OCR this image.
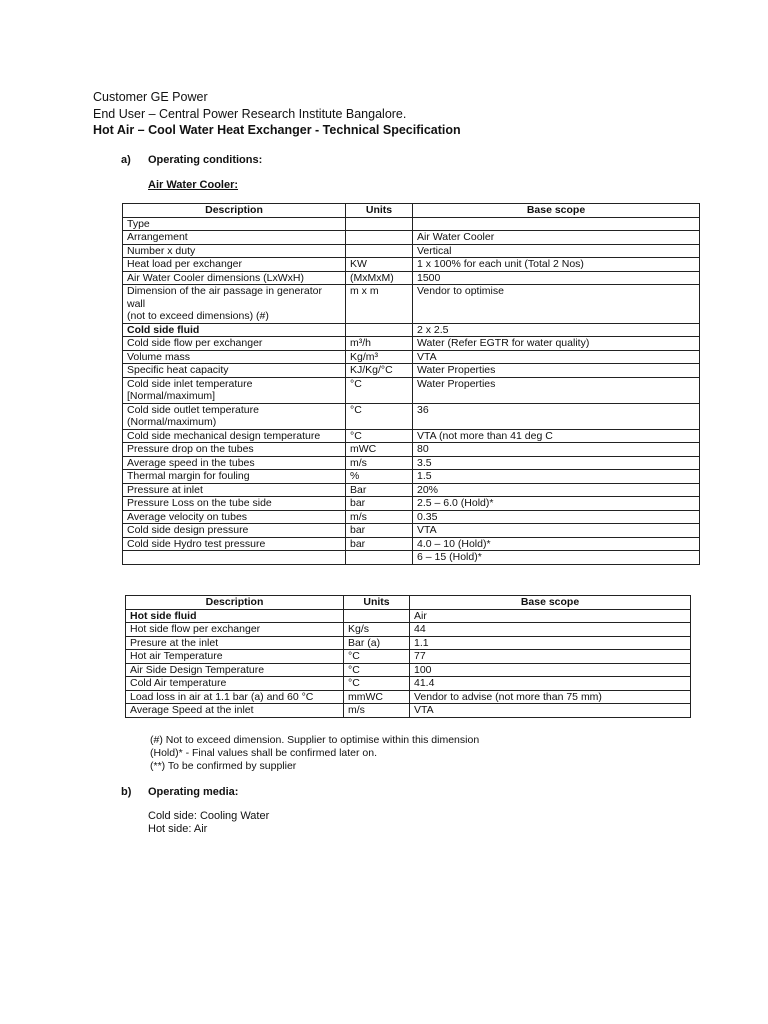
Customer GE Power
End User – Central Power Research Institute Bangalore.
Hot Air – Cool Water Heat Exchanger - Technical Specification
a) Operating conditions:
Air Water Cooler:
Description	Units	Base scope
Type		
Arrangement		Air Water Cooler
Number x duty		Vertical
Heat load per exchanger	KW	1 x 100% for each unit (Total 2 Nos)
Air Water Cooler dimensions (LxWxH)	(MxMxM)	1500
Dimension of the air passage in generator wall
(not to exceed dimensions) (#)	m x m	Vendor to optimise
Cold side fluid		2 x 2.5
Cold side flow per exchanger	m³/h	Water (Refer EGTR for water quality)
Volume mass	Kg/m³	VTA
Specific heat capacity	KJ/Kg/°C	Water Properties
Cold side inlet temperature
[Normal/maximum]	°C	Water Properties
Cold side outlet temperature
(Normal/maximum)	°C	36
Cold side mechanical design temperature	°C	VTA (not more than 41 deg C
Pressure drop on the tubes	mWC	80
Average speed in the tubes	m/s	3.5
Thermal margin for fouling	%	1.5
Pressure at inlet	Bar	20%
Pressure Loss on the tube side	bar	2.5 – 6.0 (Hold)*
Average velocity on tubes	m/s	0.35
Cold side design pressure	bar	VTA
Cold side Hydro test pressure	bar	4.0 – 10 (Hold)*
		6 – 15 (Hold)*
Description	Units	Base scope
Hot side fluid		Air
Hot side flow per exchanger	Kg/s	44
Presure at the inlet	Bar (a)	1.1
Hot air Temperature	°C	77
Air Side Design Temperature	°C	100
Cold Air temperature	°C	41.4
Load loss in air at 1.1 bar (a) and 60 °C	mmWC	Vendor to advise (not more than 75 mm)
Average Speed at the inlet	m/s	VTA
(#) Not to exceed dimension. Supplier to optimise within this dimension
(Hold)* - Final values shall be confirmed later on.
(**) To be confirmed by supplier
b) Operating media:
Cold side: Cooling Water
Hot side: Air
